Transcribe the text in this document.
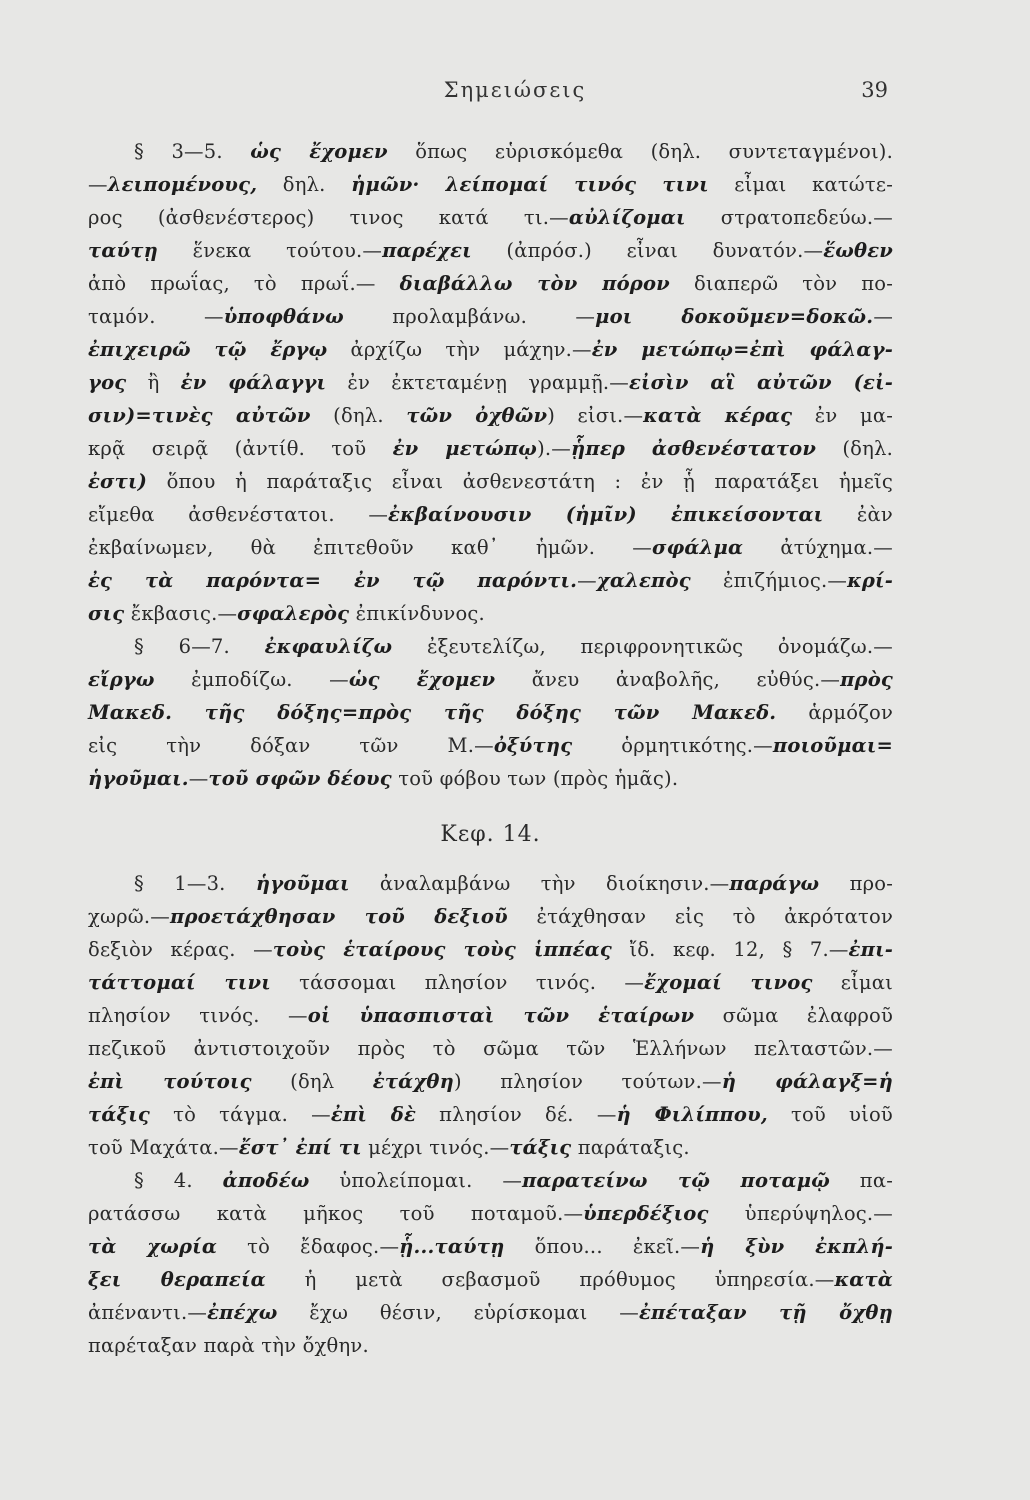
Σημειώσεις	39
§ 3—5. ὡς ἔχομεν ὅπως εὑρισκόμεθα (δηλ. συντεταγμένοι).
—λειπομένους, δηλ. ἡμῶν· λείπομαί τινός τινι εἶμαι κατώτε-
ρος (ἀσθενέστερος) τινος κατά τι.—αὐλίζομαι στρατοπεδεύω.—
ταύτῃ ἕνεκα τούτου.—παρέχει (ἀπρόσ.) εἶναι δυνατόν.—ἕωθεν
ἀπὸ πρωΐας, τὸ πρωΐ.— διαβάλλω τὸν πόρον διαπερῶ τὸν πο-
ταμόν. —ὑποφθάνω προλαμβάνω. —μοι δοκοῦμεν=δοκῶ.—
ἐπιχειρῶ τῷ ἔργῳ ἀρχίζω τὴν μάχην.—ἐν μετώπῳ=ἐπὶ φάλαγ-
γος ἢ ἐν φάλαγγι ἐν ἐκτεταμένῃ γραμμῇ.—εἰσὶν αἳ αὐτῶν (εἰ-
σιν)=τινὲς αὐτῶν (δηλ. τῶν ὀχθῶν) εἰσι.—κατὰ κέρας ἐν μα-
κρᾷ σειρᾷ (ἀντίθ. τοῦ ἐν μετώπῳ).—ᾗπερ ἀσθενέστατον (δηλ.
ἐστι) ὅπου ἡ παράταξις εἶναι ἀσθενεστάτη : ἐν ᾗ παρατάξει ἡμεῖς
εἴμεθα ἀσθενέστατοι. —ἐκβαίνουσιν (ἡμῖν) ἐπικείσονται ἐὰν
ἐκβαίνωμεν, θὰ ἐπιτεθοῦν καθ᾽ ἡμῶν. —σφάλμα ἀτύχημα.—
ἐς τὰ παρόντα= ἐν τῷ παρόντι.—χαλεπὸς ἐπιζήμιος.—κρί-
σις ἔκβασις.—σφαλερὸς ἐπικίνδυνος.
§ 6—7. ἐκφαυλίζω ἐξευτελίζω, περιφρονητικῶς ὀνομάζω.—
εἴργω ἐμποδίζω. —ὡς ἔχομεν ἄνευ ἀναβολῆς, εὐθύς.—πρὸς
Μακεδ. τῆς δόξης=πρὸς τῆς δόξης τῶν Μακεδ. ἁρμόζον
εἰς τὴν δόξαν τῶν Μ.—ὀξύτης ὁρμητικότης.—ποιοῦμαι=
ἡγοῦμαι.—τοῦ σφῶν δέους τοῦ φόβου των (πρὸς ἡμᾶς).
Κεφ. 14.
§ 1—3. ἡγοῦμαι ἀναλαμβάνω τὴν διοίκησιν.—παράγω προ-
χωρῶ.—προετάχθησαν τοῦ δεξιοῦ ἐτάχθησαν εἰς τὸ ἀκρότατον
δεξιὸν κέρας. —τοὺς ἑταίρους τοὺς ἱππέας ἴδ. κεφ. 12, § 7.—ἐπι-
τάττομαί τινι τάσσομαι πλησίον τινός. —ἔχομαί τινος εἶμαι
πλησίον τινός. —οἱ ὑπασπισταὶ τῶν ἑταίρων σῶμα ἐλαφροῦ
πεζικοῦ ἀντιστοιχοῦν πρὸς τὸ σῶμα τῶν Ἑλλήνων πελταστῶν.—
ἐπὶ τούτοις (δηλ ἐτάχθη) πλησίον τούτων.—ἡ φάλαγξ=ἡ
τάξις τὸ τάγμα. —ἐπὶ δὲ πλησίον δέ. —ἡ Φιλίππου, τοῦ υἱοῦ
τοῦ Μαχάτα.—ἔστ᾽ ἐπί τι μέχρι τινός.—τάξις παράταξις.
§ 4. ἀποδέω ὑπολείπομαι. —παρατείνω τῷ ποταμῷ πα-
ρατάσσω κατὰ μῆκος τοῦ ποταμοῦ.—ὑπερδέξιος ὑπερύψηλος.—
τὰ χωρία τὸ ἔδαφος.—ᾗ...ταύτῃ ὅπου... ἐκεῖ.—ἡ ξὺν ἐκπλή-
ξει θεραπεία ἡ μετὰ σεβασμοῦ πρόθυμος ὑπηρεσία.—κατὰ
ἀπέναντι.—ἐπέχω ἔχω θέσιν, εὑρίσκομαι —ἐπέταξαν τῇ ὄχθῃ
παρέταξαν παρὰ τὴν ὄχθην.
